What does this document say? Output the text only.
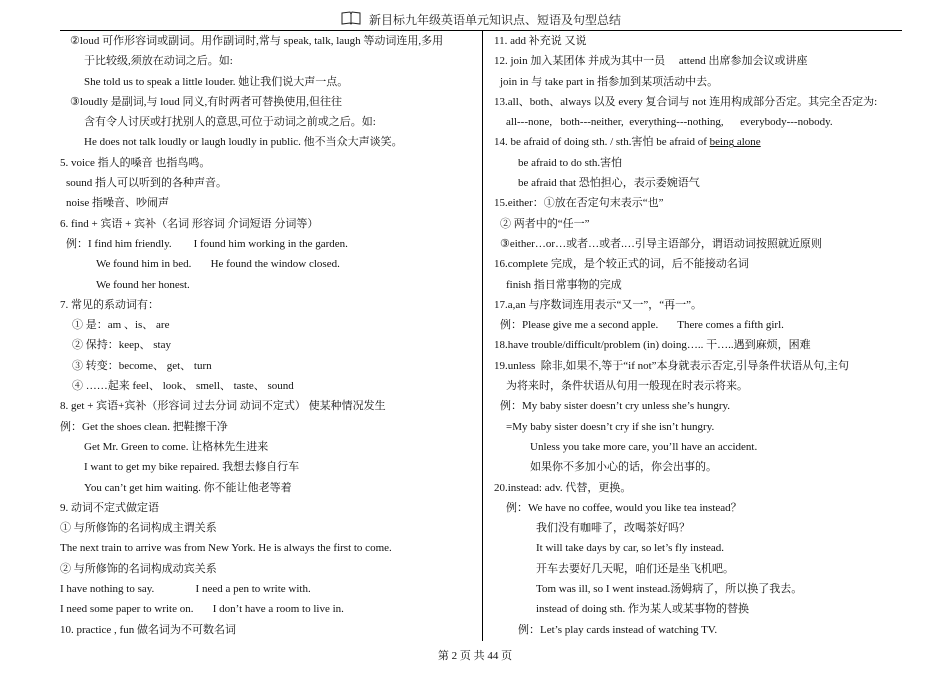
新目标九年级英语单元知识点、短语及句型总结
②loud 可作形容词或副词。用作副词时,常与 speak, talk, laugh 等动词连用,多用
于比较级,须放在动词之后。如:
She told us to speak a little louder. 她让我们说大声一点。
③loudly 是副词,与 loud 同义,有时两者可替换使用,但往往
含有令人讨厌或打扰别人的意思,可位于动词之前或之后。如:
He does not talk loudly or laugh loudly in public. 他不当众大声谈笑。
5. voice 指人的嗓音 也指鸟鸣。
sound 指人可以听到的各种声音。
noise 指噪音、吵闹声
6. find + 宾语 + 宾补（名词 形容词 介词短语 分词等）
例：I find him friendly.        I found him working in the garden.
We found him in bed.       He found the window closed.
We found her honest.
7. 常见的系动词有：
① 是：am 、is、 are
② 保持：keep、 stay
③ 转变：become、 get、 turn
④ ……起来 feel、 look、 smell、 taste、 sound
8. get + 宾语+宾补（形容词 过去分词 动词不定式） 使某种情况发生
例：Get the shoes clean. 把鞋擦干净
Get Mr. Green to come. 让格林先生进来
I want to get my bike repaired. 我想去修自行车
You can’t get him waiting. 你不能让他老等着
9. 动词不定式做定语
① 与所修饰的名词构成主谓关系
The next train to arrive was from New York. He is always the first to come.
② 与所修饰的名词构成动宾关系
I have nothing to say.               I need a pen to write with.
I need some paper to write on.       I don’t have a room to live in.
10. practice , fun 做名词为不可数名词
11. add 补充说 又说
12. join 加入某团体 并成为其中一员     attend 出席参加会议或讲座
join in 与 take part in 指参加到某项活动中去。
13.all、both、always 以及 every 复合词与 not 连用构成部分否定。其完全否定为:
all---none,   both---neither,  everything---nothing,      everybody---nobody.
14. be afraid of doing sth. / sth.害怕 be afraid of being alone
be afraid to do sth.害怕
be afraid that 恐怕担心，表示委婉语气
15.either：①放在否定句末表示“也”
② 两者中的“任一”
③either…or…或者…或者.…引导主语部分，谓语动词按照就近原则
16.complete 完成，是个较正式的词，后不能接动名词
finish 指日常事物的完成
17.a,an 与序数词连用表示“又一”，“再一”。
例：Please give me a second apple.       There comes a fifth girl.
18.have trouble/difficult/problem (in) doing….. 干…..遇到麻烦，困难
19.unless  除非,如果不,等于“if not”本身就表示否定,引导条件状语从句,主句
为将来时，条件状语从句用一般现在时表示将来。
例：My baby sister doesn’t cry unless she’s hungry.
=My baby sister doesn’t cry if she isn’t hungry.
Unless you take more care, you’ll have an accident.
如果你不多加小心的话，你会出事的。
20.instead: adv. 代替，更换。
例：We have no coffee, would you like tea instead？
我们没有咖啡了，改喝茶好吗？
It will take days by car, so let’s fly instead.
开车去要好几天呢，咱们还是坐飞机吧。
Tom was ill, so I went instead.汤姆病了，所以换了我去。
instead of doing sth. 作为某人或某事物的替换
例：Let’s play cards instead of watching TV.
第 2 页 共 44 页
